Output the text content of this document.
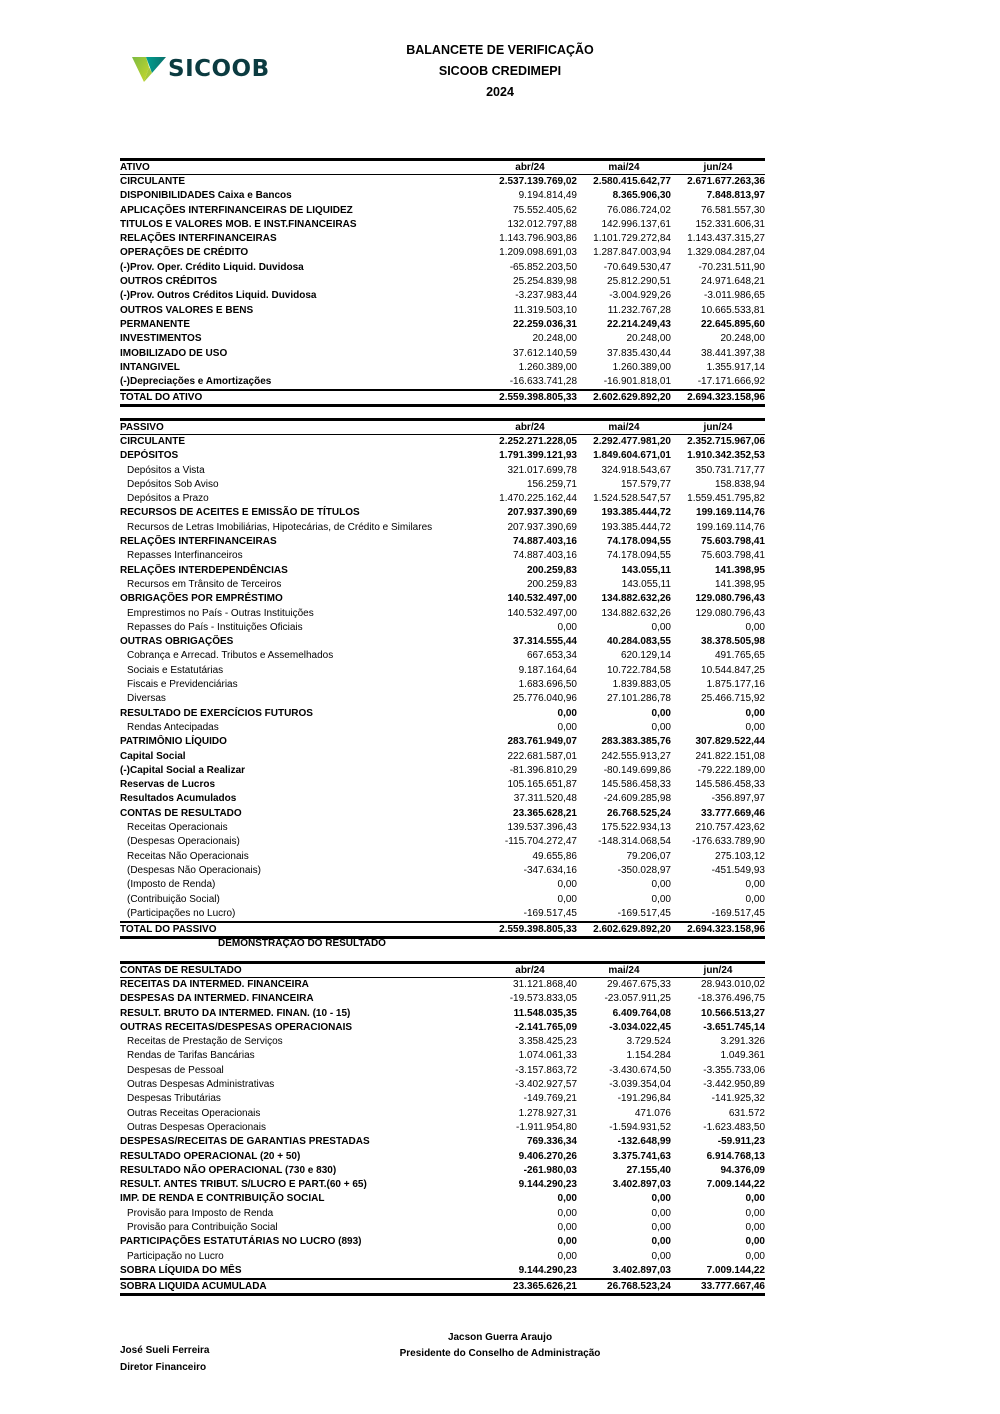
SICOOB
BALANCETE DE VERIFICAÇÃO
SICOOB CREDIMEPI
2024
ATIVO	abr/24	mai/24	jun/24
CIRCULANTE	2.537.139.769,02	2.580.415.642,77	2.671.677.263,36
DISPONIBILIDADES Caixa e Bancos	9.194.814,49	8.365.906,30	7.848.813,97
APLICAÇÕES INTERFINANCEIRAS DE LIQUIDEZ	75.552.405,62	76.086.724,02	76.581.557,30
TITULOS E VALORES MOB. E INST.FINANCEIRAS	132.012.797,88	142.996.137,61	152.331.606,31
RELAÇÕES INTERFINANCEIRAS	1.143.796.903,86	1.101.729.272,84	1.143.437.315,27
OPERAÇÕES DE CRÉDITO	1.209.098.691,03	1.287.847.003,94	1.329.084.287,04
(-)Prov. Oper. Crédito Liquid. Duvidosa	-65.852.203,50	-70.649.530,47	-70.231.511,90
OUTROS CRÉDITOS	25.254.839,98	25.812.290,51	24.971.648,21
(-)Prov. Outros Créditos Liquid. Duvidosa	-3.237.983,44	-3.004.929,26	-3.011.986,65
OUTROS VALORES E BENS	11.319.503,10	11.232.767,28	10.665.533,81
PERMANENTE	22.259.036,31	22.214.249,43	22.645.895,60
INVESTIMENTOS	20.248,00	20.248,00	20.248,00
IMOBILIZADO DE USO	37.612.140,59	37.835.430,44	38.441.397,38
INTANGIVEL	1.260.389,00	1.260.389,00	1.355.917,14
(-)Depreciações e Amortizações	-16.633.741,28	-16.901.818,01	-17.171.666,92
TOTAL DO ATIVO	2.559.398.805,33	2.602.629.892,20	2.694.323.158,96
PASSIVO	abr/24	mai/24	jun/24
CIRCULANTE	2.252.271.228,05	2.292.477.981,20	2.352.715.967,06
DEPÓSITOS	1.791.399.121,93	1.849.604.671,01	1.910.342.352,53
Depósitos a Vista	321.017.699,78	324.918.543,67	350.731.717,77
Depósitos Sob Aviso	156.259,71	157.579,77	158.838,94
Depósitos a Prazo	1.470.225.162,44	1.524.528.547,57	1.559.451.795,82
RECURSOS DE ACEITES E EMISSÃO DE TÍTULOS	207.937.390,69	193.385.444,72	199.169.114,76
Recursos de Letras Imobiliárias, Hipotecárias, de Crédito e Similares	207.937.390,69	193.385.444,72	199.169.114,76
RELAÇÕES INTERFINANCEIRAS	74.887.403,16	74.178.094,55	75.603.798,41
Repasses Interfinanceiros	74.887.403,16	74.178.094,55	75.603.798,41
RELAÇÕES INTERDEPENDÊNCIAS	200.259,83	143.055,11	141.398,95
Recursos em Trânsito de Terceiros	200.259,83	143.055,11	141.398,95
OBRIGAÇÕES POR EMPRÉSTIMO	140.532.497,00	134.882.632,26	129.080.796,43
Emprestimos no País - Outras Instituições	140.532.497,00	134.882.632,26	129.080.796,43
Repasses do País - Instituições Oficiais	0,00	0,00	0,00
OUTRAS OBRIGAÇÕES	37.314.555,44	40.284.083,55	38.378.505,98
Cobrança e Arrecad. Tributos e Assemelhados	667.653,34	620.129,14	491.765,65
Sociais e Estatutárias	9.187.164,64	10.722.784,58	10.544.847,25
Fiscais e Previdenciárias	1.683.696,50	1.839.883,05	1.875.177,16
Diversas	25.776.040,96	27.101.286,78	25.466.715,92
RESULTADO DE EXERCÍCIOS FUTUROS	0,00	0,00	0,00
Rendas Antecipadas	0,00	0,00	0,00
PATRIMÔNIO LÍQUIDO	283.761.949,07	283.383.385,76	307.829.522,44
Capital Social	222.681.587,01	242.555.913,27	241.822.151,08
(-)Capital Social a Realizar	-81.396.810,29	-80.149.699,86	-79.222.189,00
Reservas de Lucros	105.165.651,87	145.586.458,33	145.586.458,33
Resultados Acumulados	37.311.520,48	-24.609.285,98	-356.897,97
CONTAS DE RESULTADO	23.365.628,21	26.768.525,24	33.777.669,46
Receitas Operacionais	139.537.396,43	175.522.934,13	210.757.423,62
(Despesas Operacionais)	-115.704.272,47	-148.314.068,54	-176.633.789,90
Receitas Não Operacionais	49.655,86	79.206,07	275.103,12
(Despesas Não Operacionais)	-347.634,16	-350.028,97	-451.549,93
(Imposto de Renda)	0,00	0,00	0,00
(Contribuição Social)	0,00	0,00	0,00
(Participações no Lucro)	-169.517,45	-169.517,45	-169.517,45
TOTAL DO PASSIVO	2.559.398.805,33	2.602.629.892,20	2.694.323.158,96
DEMONSTRAÇÃO DO RESULTADO
CONTAS DE RESULTADO	abr/24	mai/24	jun/24
RECEITAS DA INTERMED. FINANCEIRA	31.121.868,40	29.467.675,33	28.943.010,02
DESPESAS DA INTERMED. FINANCEIRA	-19.573.833,05	-23.057.911,25	-18.376.496,75
RESULT. BRUTO DA INTERMED. FINAN. (10 - 15)	11.548.035,35	6.409.764,08	10.566.513,27
OUTRAS RECEITAS/DESPESAS OPERACIONAIS	-2.141.765,09	-3.034.022,45	-3.651.745,14
Receitas de Prestação de Serviços	3.358.425,23	3.729.524	3.291.326
Rendas de Tarifas Bancárias	1.074.061,33	1.154.284	1.049.361
Despesas de Pessoal	-3.157.863,72	-3.430.674,50	-3.355.733,06
Outras Despesas Administrativas	-3.402.927,57	-3.039.354,04	-3.442.950,89
Despesas Tributárias	-149.769,21	-191.296,84	-141.925,32
Outras Receitas Operacionais	1.278.927,31	471.076	631.572
Outras Despesas Operacionais	-1.911.954,80	-1.594.931,52	-1.623.483,50
DESPESAS/RECEITAS DE GARANTIAS PRESTADAS	769.336,34	-132.648,99	-59.911,23
RESULTADO OPERACIONAL (20 + 50)	9.406.270,26	3.375.741,63	6.914.768,13
RESULTADO NÃO OPERACIONAL (730 e 830)	-261.980,03	27.155,40	94.376,09
RESULT. ANTES TRIBUT. S/LUCRO E PART.(60 + 65)	9.144.290,23	3.402.897,03	7.009.144,22
IMP. DE RENDA E CONTRIBUIÇÃO SOCIAL	0,00	0,00	0,00
Provisão para Imposto de Renda	0,00	0,00	0,00
Provisão para Contribuição Social	0,00	0,00	0,00
PARTICIPAÇÕES ESTATUTÁRIAS NO LUCRO (893)	0,00	0,00	0,00
Participação no Lucro	0,00	0,00	0,00
SOBRA LÍQUIDA DO MÊS	9.144.290,23	3.402.897,03	7.009.144,22
SOBRA LIQUIDA ACUMULADA	23.365.626,21	26.768.523,24	33.777.667,46
José Sueli Ferreira
Diretor Financeiro
Jacson Guerra Araujo
Presidente do Conselho de Administração
